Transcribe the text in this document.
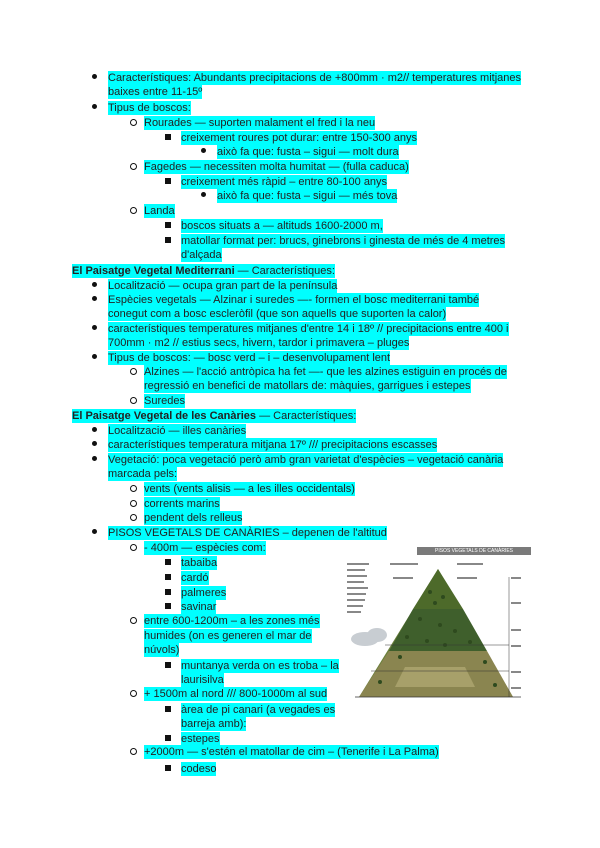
Característiques: Abundants precipitacions de +800mm · m2// temperatures mitjanes
baixes entre 11-15º
Tipus de boscos:
Rourades — suporten malament el fred i la neu
creixement roures pot durar: entre 150-300 anys
això fa que: fusta – sigui — molt dura
Fagedes — necessiten molta humitat — (fulla caduca)
creixement més ràpid – entre 80-100 anys
això fa que: fusta – sigui — més tova
Landa
boscos situats a — altituds 1600-2000 m,
matollar format per: brucs, ginebrons i ginesta de més de 4 metres
d'alçada
El Paisatge Vegetal Mediterrani — Característiques:
Localització — ocupa gran part de la península
Espècies vegetals — Alzinar i suredes —- formen el bosc mediterrani també
conegut com a bosc escleròfil (que son aquells que suporten la calor)
característiques temperatures mitjanes d'entre 14 i 18º // precipitacions entre 400 i
700mm · m2 // estius secs, hivern, tardor i primavera – pluges
Tipus de boscos: — bosc verd – i – desenvolupament lent
Alzines — l'acció antròpica ha fet —- que les alzines estiguin en procés de
regressió en benefici de matollars de: màquies, garrigues i estepes
Suredes
El Paisatge Vegetal de les Canàries — Característiques:
Localització — illes canàries
característiques temperatura mitjana 17º /// precipitacions escasses
Vegetació: poca vegetació però amb gran varietat d'espècies – vegetació canària
marcada pels:
vents (vents alisis — a les illes occidentals)
corrents marins
pendent dels relleus
PISOS VEGETALS DE CANÀRIES – depenen de l'altitud
- 400m — espècies com:
tabaiba
cardó
palmeres
savinar
entre 600-1200m – a les zones més
humides (on es generen el mar de
núvols)
muntanya verda on es troba – la
laurisilva
+ 1500m al nord /// 800-1000m al sud
àrea de pi canari (a vegades es
barreja amb):
estepes
+2000m — s'estén el matollar de cim – (Tenerife i La Palma)
codeso
PISOS VEGETALS DE CANÀRIES
